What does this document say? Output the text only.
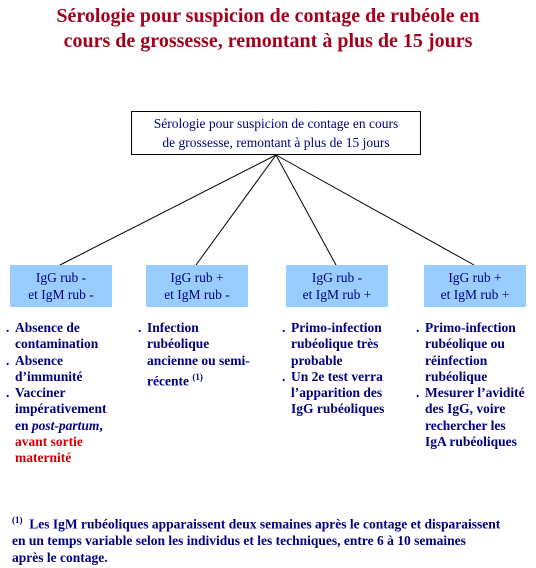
Sérologie pour suspicion de contage de rubéole en
cours de grossesse, remontant à plus de 15 jours
Sérologie pour suspicion de contage en cours
de grossesse, remontant à plus de 15 jours
IgG rub -
et IgM rub -
IgG rub +
et IgM rub -
IgG rub -
et IgM rub +
IgG rub +
et IgM rub +
. Absence de
contamination
. Absence
d’immunité
. Vacciner
impérativement
en post-partum,
avant sortie
maternité
. Infection
rubéolique
ancienne ou semi-
récente $^{(1)}$
. Primo-infection
rubéolique très
probable
. Un 2e test verra
l’apparition des
IgG rubéoliques
. Primo-infection
rubéolique ou
réinfection
rubéolique
. Mesurer l’avidité
des IgG, voire
rechercher les
IgA rubéoliques
$^{(1)}$ Les IgM rubéoliques apparaissent deux semaines après le contage et disparaissent
en un temps variable selon les individus et les techniques, entre 6 à 10 semaines
après le contage.
